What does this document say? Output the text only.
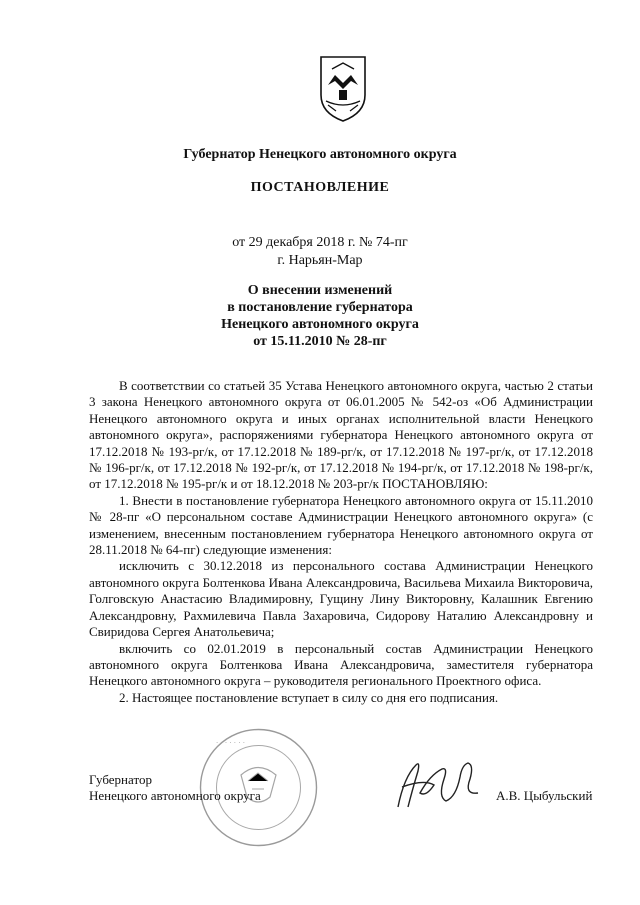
Губернатор Ненецкого автономного округа
ПОСТАНОВЛЕНИЕ
от 29 декабря 2018 г. № 74-пг
г. Нарьян-Мар
О внесении изменений
в постановление губернатора
Ненецкого автономного округа
от 15.11.2010 № 28-пг

В соответствии со статьей 35 Устава Ненецкого автономного округа, частью 2 статьи 3 закона Ненецкого автономного округа от 06.01.2005 № 542-оз «Об Администрации Ненецкого автономного округа и иных органах исполнительной власти Ненецкого автономного округа», распоряжениями губернатора Ненецкого автономного округа от 17.12.2018 № 193-рг/к, от 17.12.2018 № 189-рг/к, от 17.12.2018 № 197-рг/к, от 17.12.2018 № 196-рг/к, от 17.12.2018 № 192-рг/к, от 17.12.2018 № 194-рг/к, от 17.12.2018 № 198-рг/к, от 17.12.2018 № 195-рг/к и от 18.12.2018 № 203-рг/к ПОСТАНОВЛЯЮ:

1. Внести в постановление губернатора Ненецкого автономного округа от 15.11.2010 № 28-пг «О персональном составе Администрации Ненецкого автономного округа» (с изменением, внесенным постановлением губернатора Ненецкого автономного округа от 28.11.2018 № 64-пг) следующие изменения:

исключить с 30.12.2018 из персонального состава Администрации Ненецкого автономного округа Болтенкова Ивана Александровича, Васильева Михаила Викторовича, Голговскую Анастасию Владимировну, Гущину Лину Викторовну, Калашник Евгению Александровну, Рахмилевича Павла Захаровича, Сидорову Наталию Александровну и Свиридова Сергея Анатольевича;

включить со 02.01.2019 в персональный состав Администрации Ненецкого автономного округа Болтенкова Ивана Александровича, заместителя губернатора Ненецкого автономного округа – руководителя регионального Проектного офиса.

2. Настоящее постановление вступает в силу со дня его подписания.

· · · · · · ·
Губернатор
Ненецкого автономного округа	А.В. Цыбульский
